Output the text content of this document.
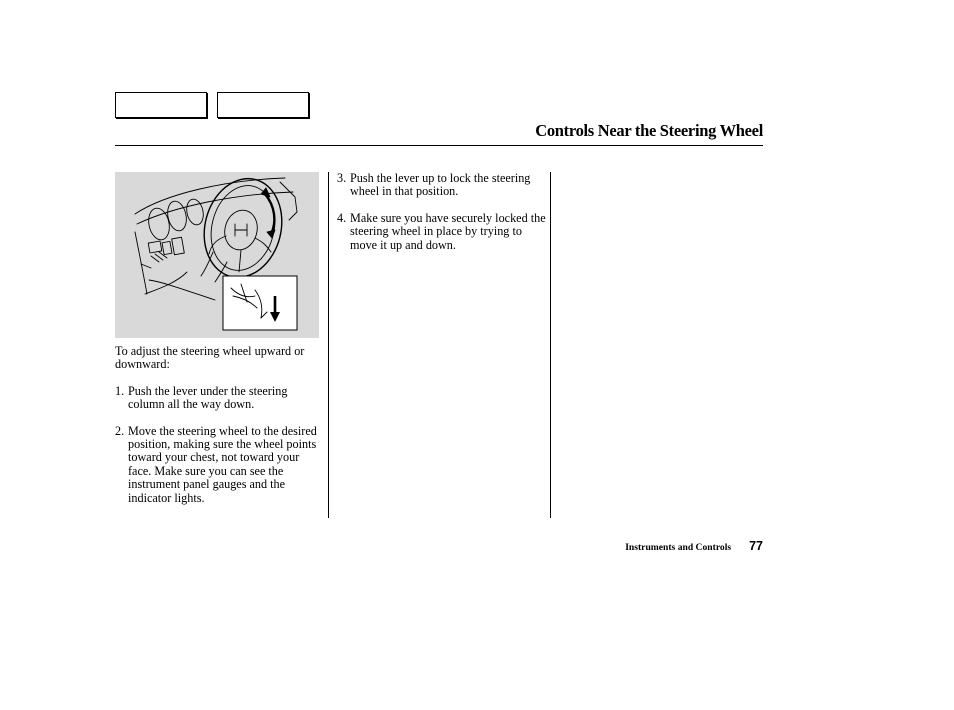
Controls Near the Steering Wheel

To adjust the steering wheel upward or downward:

1. Push the lever under the steering column all the way down.
2. Move the steering wheel to the desired position, making sure the wheel points toward your chest, not toward your face. Make sure you can see the instrument panel gauges and the indicator lights.
3. Push the lever up to lock the steering wheel in that position.
4. Make sure you have securely locked the steering wheel in place by trying to move it up and down.
Instruments and Controls 77
